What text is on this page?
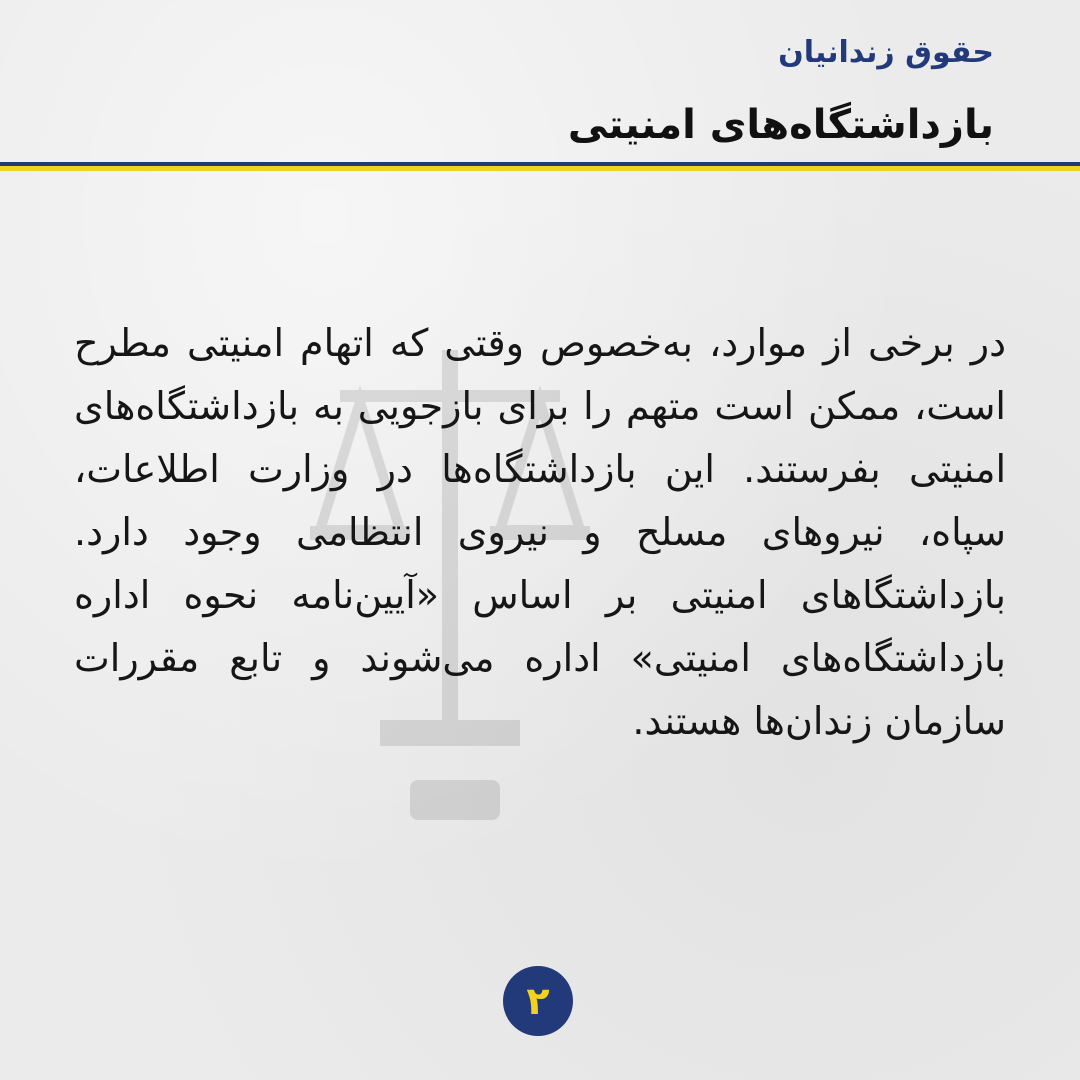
حقوق زندانیان
بازداشتگاه‌های امنیتی
در برخی از موارد، به‌خصوص وقتی که اتهام امنیتی مطرح است، ممکن است متهم را برای بازجویی به بازداشتگاه‌های امنیتی بفرستند. این بازداشتگاه‌ها در وزارت اطلاعات، سپاه، نیروهای مسلح و نیروی انتظامی وجود دارد. بازداشتگاهای امنیتی بر اساس «آیین‌نامه نحوه اداره بازداشتگاه‌های امنیتی» اداره می‌شوند و تابع مقررات سازمان زندان‌ها هستند.
۲
